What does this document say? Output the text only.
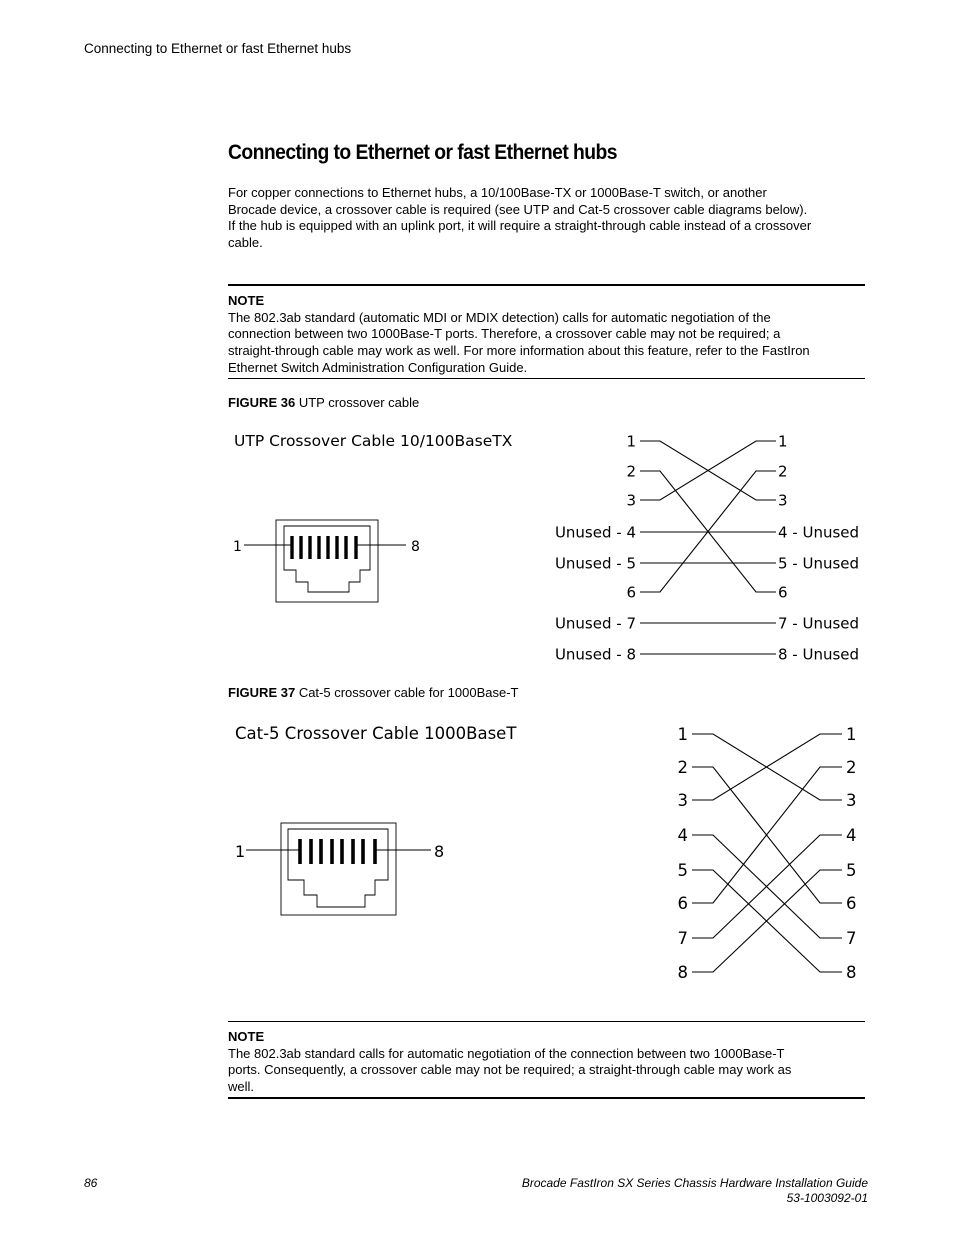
Connecting to Ethernet or fast Ethernet hubs
Connecting to Ethernet or fast Ethernet hubs
For copper connections to Ethernet hubs, a 10/100Base-TX or 1000Base-T switch, or another
Brocade device, a crossover cable is required (see UTP and Cat-5 crossover cable diagrams below).
If the hub is equipped with an uplink port, it will require a straight-through cable instead of a crossover
cable.
NOTE
The 802.3ab standard (automatic MDI or MDIX detection) calls for automatic negotiation of the
connection between two 1000Base-T ports. Therefore, a crossover cable may not be required; a
straight-through cable may work as well. For more information about this feature, refer to the FastIron
Ethernet Switch Administration Configuration Guide.
FIGURE 36 UTP crossover cable
UTP Crossover Cable 10/100BaseTX
1	8
1
2
3
Unused - 4
Unused - 5
6
Unused - 7
Unused - 8
1
2
3
4 - Unused
5 - Unused
6
7 - Unused
8 - Unused
FIGURE 37 Cat-5 crossover cable for 1000Base-T
Cat-5 Crossover Cable 1000BaseT
1	8
1
2
3
4
5
6
7
8
1
2
3
4
5
6
7
8
NOTE
The 802.3ab standard calls for automatic negotiation of the connection between two 1000Base-T
ports. Consequently, a crossover cable may not be required; a straight-through cable may work as
well.
86	Brocade FastIron SX Series Chassis Hardware Installation Guide
53-1003092-01
